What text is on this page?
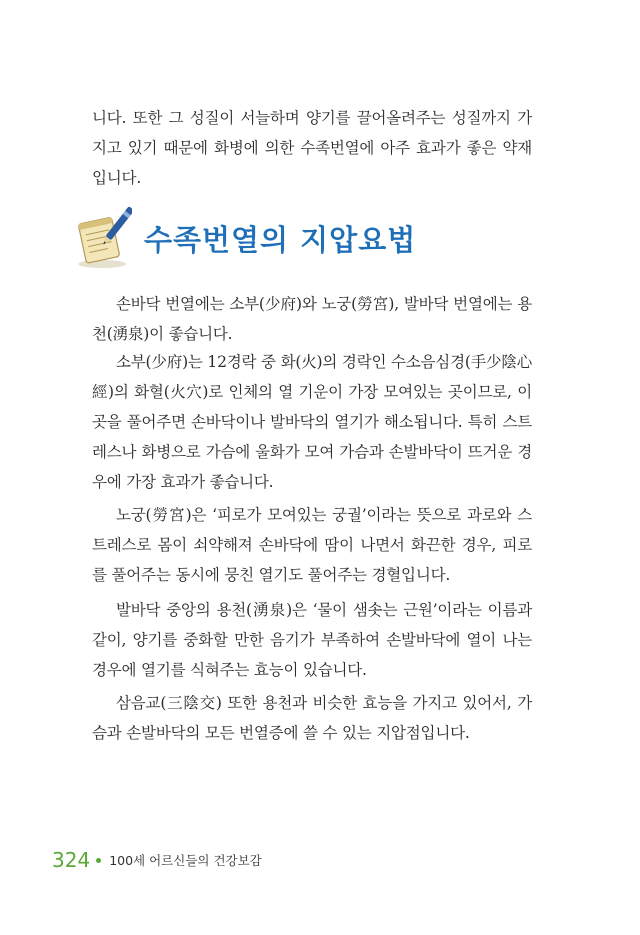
니다. 또한 그 성질이 서늘하며 양기를 끌어올려주는 성질까지 가지고 있기 때문에 화병에 의한 수족번열에 아주 효과가 좋은 약재입니다.

수족번열의 지압요법

손바닥 번열에는 소부(少府)와 노궁(勞宮), 발바닥 번열에는 용천(湧泉)이 좋습니다.

소부(少府)는 12경락 중 화(火)의 경락인 수소음심경(手少陰心經)의 화혈(火穴)로 인체의 열 기운이 가장 모여있는 곳이므로, 이곳을 풀어주면 손바닥이나 발바닥의 열기가 해소됩니다. 특히 스트레스나 화병으로 가슴에 울화가 모여 가슴과 손발바닥이 뜨거운 경우에 가장 효과가 좋습니다.

노궁(勞宮)은 ‘피로가 모여있는 궁궐’이라는 뜻으로 과로와 스트레스로 몸이 쇠약해져 손바닥에 땀이 나면서 화끈한 경우, 피로를 풀어주는 동시에 뭉친 열기도 풀어주는 경혈입니다.

발바닥 중앙의 용천(湧泉)은 ‘물이 샘솟는 근원’이라는 이름과 같이, 양기를 중화할 만한 음기가 부족하여 손발바닥에 열이 나는 경우에 열기를 식혀주는 효능이 있습니다.

삼음교(三陰交) 또한 용천과 비슷한 효능을 가지고 있어서, 가슴과 손발바닥의 모든 번열증에 쓸 수 있는 지압점입니다.

324 100세 어르신들의 건강보감
